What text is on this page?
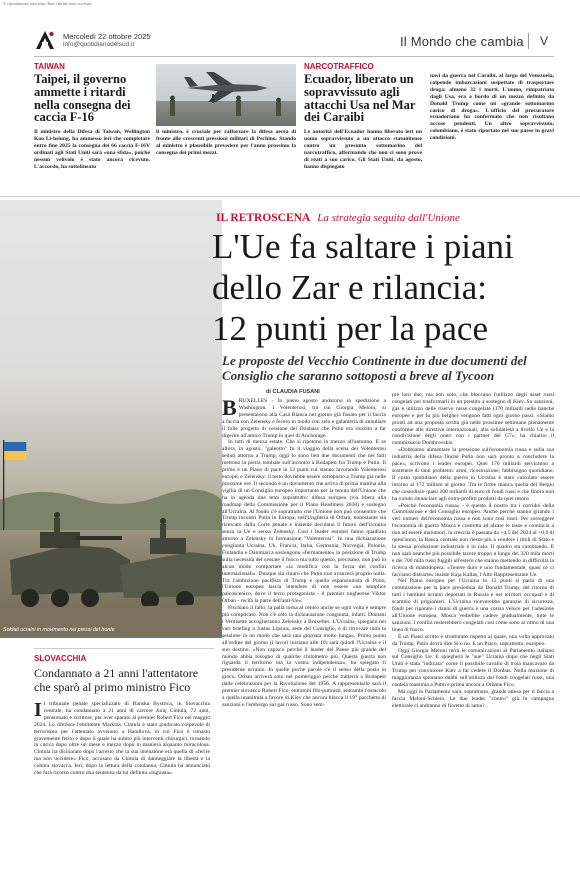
© riproduzione riservata. Tutti i diritti sono riservati
Mercoledì 22 ottobre 2025
info@quotidianodelsud.it	Il Mondo che cambia V
TAIWAN
Taipei, il governo ammette i ritardi nella consegna dei caccia F-16
Il ministro della Difesa di Taiwan, Wellington Koo Li-hsiung, ha ammesso ieri che completare entro fine 2025 la consegna dei 66 caccia F-16V ordinati agli Stati Uniti sarà «una sfida», poiché nessun velivolo è stato ancora ricevuto. L'accordo, ha sottolineato
il ministro, è cruciale per rafforzare la difesa aerea di fronte alle crescenti pressioni militari di Pechino. Stando al ministro è plausibile prevedere per l'anno prossimo la consegna dei primi mezzi.
NARCOTRAFFICO
Ecuador, liberato un sopravvissuto agli attacchi Usa nel Mar dei Caraibi
Le autorità dell'Ecuador hanno liberato ieri un uomo sopravvissuto a un attacco statunitense contro un presunto sottomarino del narcotraffico, affermando che non ci sono prove di reati a suo carico. Gli Stati Uniti, da agosto, hanno dispiegato
navi da guerra nei Caraibi, al largo del Venezuela, colpendo imbarcazioni sospettate di trasportare droga: almeno 32 i morti. L'uomo, rimpatriato dagli Usa, era a bordo di un mezzo definito da Donald Trump come un «grande sottomarino carico di droga». L'ufficio del procuratore ecuadoriano ha confermato che non risultano accuse pendenti. Un altro sopravvissuto, colombiano, è stato riportato nel suo paese in gravi condizioni.
Soldati ucraini in movimento nei pressi del fronte
IL RETROSCENA La strategia seguita dall'Unione
L'Ue fa saltare i piani
dello Zar e rilancia:
12 punti per la pace
Le proposte del Vecchio Continente in due documenti del Consiglio che saranno sottoposti a breve al Tycoon
di CLAUDIA FUSANI
B RUXELLES - In pieno agosto andarono in spedizione a Washington. I Volenterosi, tra cui Giorgia Meloni, si presentarono alla Casa Bianca nel giorno già fissato per il faccia a faccia con Zelensky e fecero in modo con zelo e galanteria di annullare il folle progetto di cessione del Donbass che Putin era riuscito a far digerire all'amico Trump in quel di Anchorage.

In tutti di mezza estate. Che si ripetono in mezzo all'autunno. E se allora, in agosto, "galeotto" fu il viaggio della scena dei Volenterosi seduti attorno a Trump, oggi lo sono ben due documenti che nei fatti mettono la pietra tombale sull'incontro a Budapest fra Trump e Putin. Il primo è un Piano di pace in 12 punti cui stanno lavorando Volenterosi europei e Zelensky: il testo dovrebbe essere sottoposto a Trump già nelle prossime ore. Il secondo è un documento che arriva di prima mattina alla vigilia di un Consiglio europeo importante per la tenuta dell'Unione che ha in agenda due temi soprattutto: difesa europea (via libera alla roadmap della Commissione per il Piano Readiness 2030) e sostegno all'Ucraina. Al fondo c'è soprattutto che l'Unione non può consentire che Trump incontri Putin in Europa, nell'Ungheria di Orban, nonostante sia ricercato dalla Corte penale e insieme decidano il futuro dell'Ucraina senza la Ue e senza Zelensky. Così i leader europei fanno quadrato attorno a Zelensky in formazione "Volenterosi". In una dichiarazione congiunta Ucraina, Uk, Francia, Italia, Germania, Norvegia, Polonia, Finlandia e Danimarca sostengono «fermamente» la posizione di Trump sulla necessità del cessate il fuoco ma tutto questo, precisano, non può in alcun modo comportare «la modifica con la forza dei confini internazionali». Dunque sia chiaro che Putin non avanzerà proprio nulla. Tra l'ambizione pacifista di Trump e quella espansionista di Putin, l'Unione europea lascia intendere di non essere «un semplice palcoscenico, dove il terzo protagonista - il premier ungherese Viktor Orban - recita la parte dell'anti-Ue».

Fischiato il fallo, la palla torna al centro anche se ogni volta è sempre più complicato. Non c'è solo la dichiarazione congiunta, infatti. Domani i Ventisette accoglieranno Zelensky a Bruxelles. L'Ucraina, spiegano nei vari briefing a Justus Lipsius, sede del Consiglio, è di ritrovare tutta la sessione in un modo che sarà una giornata molto lunga». Primo punto all'ordine del giorno (i lavori iniziano alle 10) sarà quindi l'Ucraina e il suo destino. «Non capisco perché il leader del Paese più grande del mondo abbia bisogno di qualche chilometro più. Questa guerra non riguarda il territorio ma la vostra indipendenza», ha spiegato il presidente ucraino. In quelle poche parole c'è il senso della posta in gioco. Orban arriverà solo nel pomeriggio perché tratterrà a Budapest dalle celebrazioni per la Rivoluzione del 1956. A rappresentarlo sarà il premier slovacco Robert Fico, entrambi filo-putinisti, entrambi l'ostacolo a quella unanimità a favore di Kiev che ancora blocca il 19° pacchetto di sanzioni e l'embargo sul gas russo. Sono sem-

pre loro due, ma non solo, che bloccano l'utilizzo degli asset russi congelati per trasformarli in un prestito a sostegno di Kiev. Su sanzioni, gas e utilizzo delle riserve russe congelate (170 miliardi nelle banche europee e per lo più belghe) vengono fatti ogni giorno passi. «Siamo pronti ad una proposta scritta già nelle prossime settimane pienamente conforme alle direttive internazionali, alla solidarietà a livello Ue e la condivisione degli oneri con i partner del G7», ha chiarito il commissario Dombrovskis.

«Dobbiamo aumentare la pressione sull'economia russa e sulla sua industria della difesa finché Putin non sarà pronto a concludere la pace», scrivono i leader europei. Quei 170 miliardi serviranno a sostenere di tanti problemi: armi, ricostruzione, fabbisogno quotidiano. Il costo quotidiano della guerra in Ucraina è stato calcolato essere intorno ai 172 milioni al giorno. Tra le firme manca quella del Belgio che custodisce quasi 200 miliardi di euro di fondi russi e che finora non ha voluto rinunciare agli extra-profitti prodotti da quei tesoro.

«Poiché l'economia russa» - è questo il nostro tra i corridoi della Commissione e del Consiglio europeo. Anche perché stanno girando i veri numeri dell'economia russa e non sono così rosei. Per sorreggere l'economia di guerra Mosca è costretta ad alzare le tasse e comincia a non ad essere malumori, la crescita è passata da +4,5 del 2024 al +0,6 di quest'anno, la Banca centrale non riesce più a vendere i titoli di Stato e la stessa produzione industriale è in calo. Il quadro sta cambiando. E non sarà neanche più possibile tacere troppo a lungo dei 320 mila morti e dei 700 mila russi fuggiti all'estero che stanno mettendo in difficoltà la ricerca di manodopera. «Tenere duro e uno fondamentale, quasi ce ci facciano distrarre» insiste Kaja Kallas, l'Alto Rappresentante Ue.

Nel Piano europeo per l'Ucraina in 12 punti si parla di una commissione per la pace presieduta da Donald Trump, del ritorno di tutti i bambini ucraini deportati in Russia e nei territori occupati e di scambio di prigionieri. L'Ucraina riceverebbe garanzie di sicurezza, fondi per riparare i danni di guerra e una corsia veloce per l'adesione all'Unione europea. Mosca vedrebbe cadere gradualmente, tutte le sanzioni. I confini resterebbero congelati così come sono al ritmo di una linea di fuoco.

È un Piano scritto e strutturato rispetto al quale, una volta approvato da Trump, Putin dovrà dire Sì o no. E un Piaco, soprattutto, europeo.

Oggi Giorgia Meloni terrà le comunicazioni al Parlamento italiano sul Consiglio Ue. E spiegherà le "sue" Ucraina dopo che negli Stati Uniti è stata "indicata" come il possibile cavallo di troia mancavato da Trump per convincere Kiev a far cedere il Donbas. Nella mozione di maggioranza spuntano dubbi sull'utilizzo dei fondi congelati russi, una cautela massima a Putin e prima ancora a Orbane Fico.

Ma oggi in Parlamento sarà, soprattutto, grande attesa per il faccia a faccia Meloni-Schlein. Le due leader "contro" già in campagna elettorale ci andranno di fioretto di lama? .

SLOVACCHIA
Condannato a 21 anni l'attentatore che sparò al primo ministro Fico
I l tribunale penale specializzato di Banska Bystrica, in Slovacchia centrale, ha condannato a 21 anni di carcere Juraj Cintula, 72 anni, pensionato e scrittore, per aver sparato al premier Robert Fico nel maggio 2024. Lo riferisce l'emittente Markiza. Cintula è stato giudicato colpevole di terrorismo per l'attentato avvenuto a Handlova, in cui Fico è rimasto gravemente ferito e dopo il quale ha subito più interventi chirurgici, tornando in carica dopo oltre un mese e mezzo dopo in maniera alquanto miracolosa. Cintula ha dichiarato dopo l'arresto che la sua intenzione era quella di «ferire ma non uccidere» Fico, accusato da Cintula di danneggiare la libertà e la cultura slovacca. Ieri, dopo la lettura della condanna, Cintula ha annunciato che farà ricorso contro una sentenza da lui definita «ingiusta».
